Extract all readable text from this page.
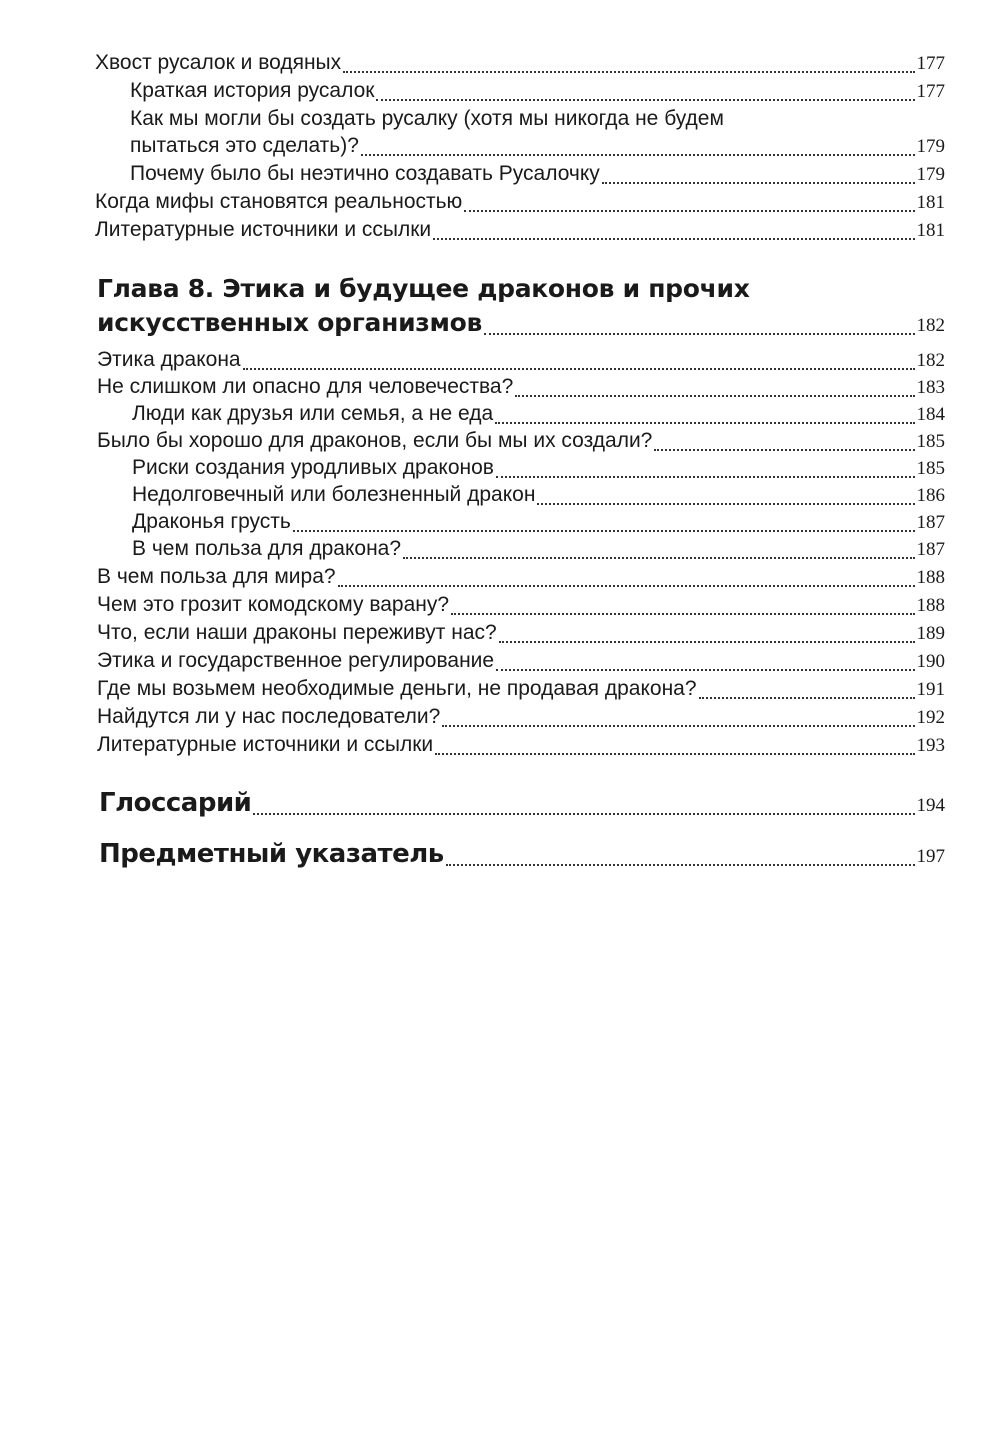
Хвост русалок и водяных	177
Краткая история русалок	177
Как мы могли бы создать русалку (хотя мы никогда не будем
пытаться это сделать)?	179
Почему было бы неэтично создавать Русалочку	179
Когда мифы становятся реальностью	181
Литературные источники и ссылки	181
Глава 8. Этика и будущее драконов и прочих
искусственных организмов	182
Этика дракона	182
Не слишком ли опасно для человечества?	183
Люди как друзья или семья, а не еда	184
Было бы хорошо для драконов, если бы мы их создали?	185
Риски создания уродливых драконов	185
Недолговечный или болезненный дракон	186
Драконья грусть	187
В чем польза для дракона?	187
В чем польза для мира?	188
Чем это грозит комодскому варану?	188
Что, если наши драконы переживут нас?	189
Этика и государственное регулирование	190
Где мы возьмем необходимые деньги, не продавая дракона?	191
Найдутся ли у нас последователи?	192
Литературные источники и ссылки	193
Глоссарий	194
Предметный указатель	197
